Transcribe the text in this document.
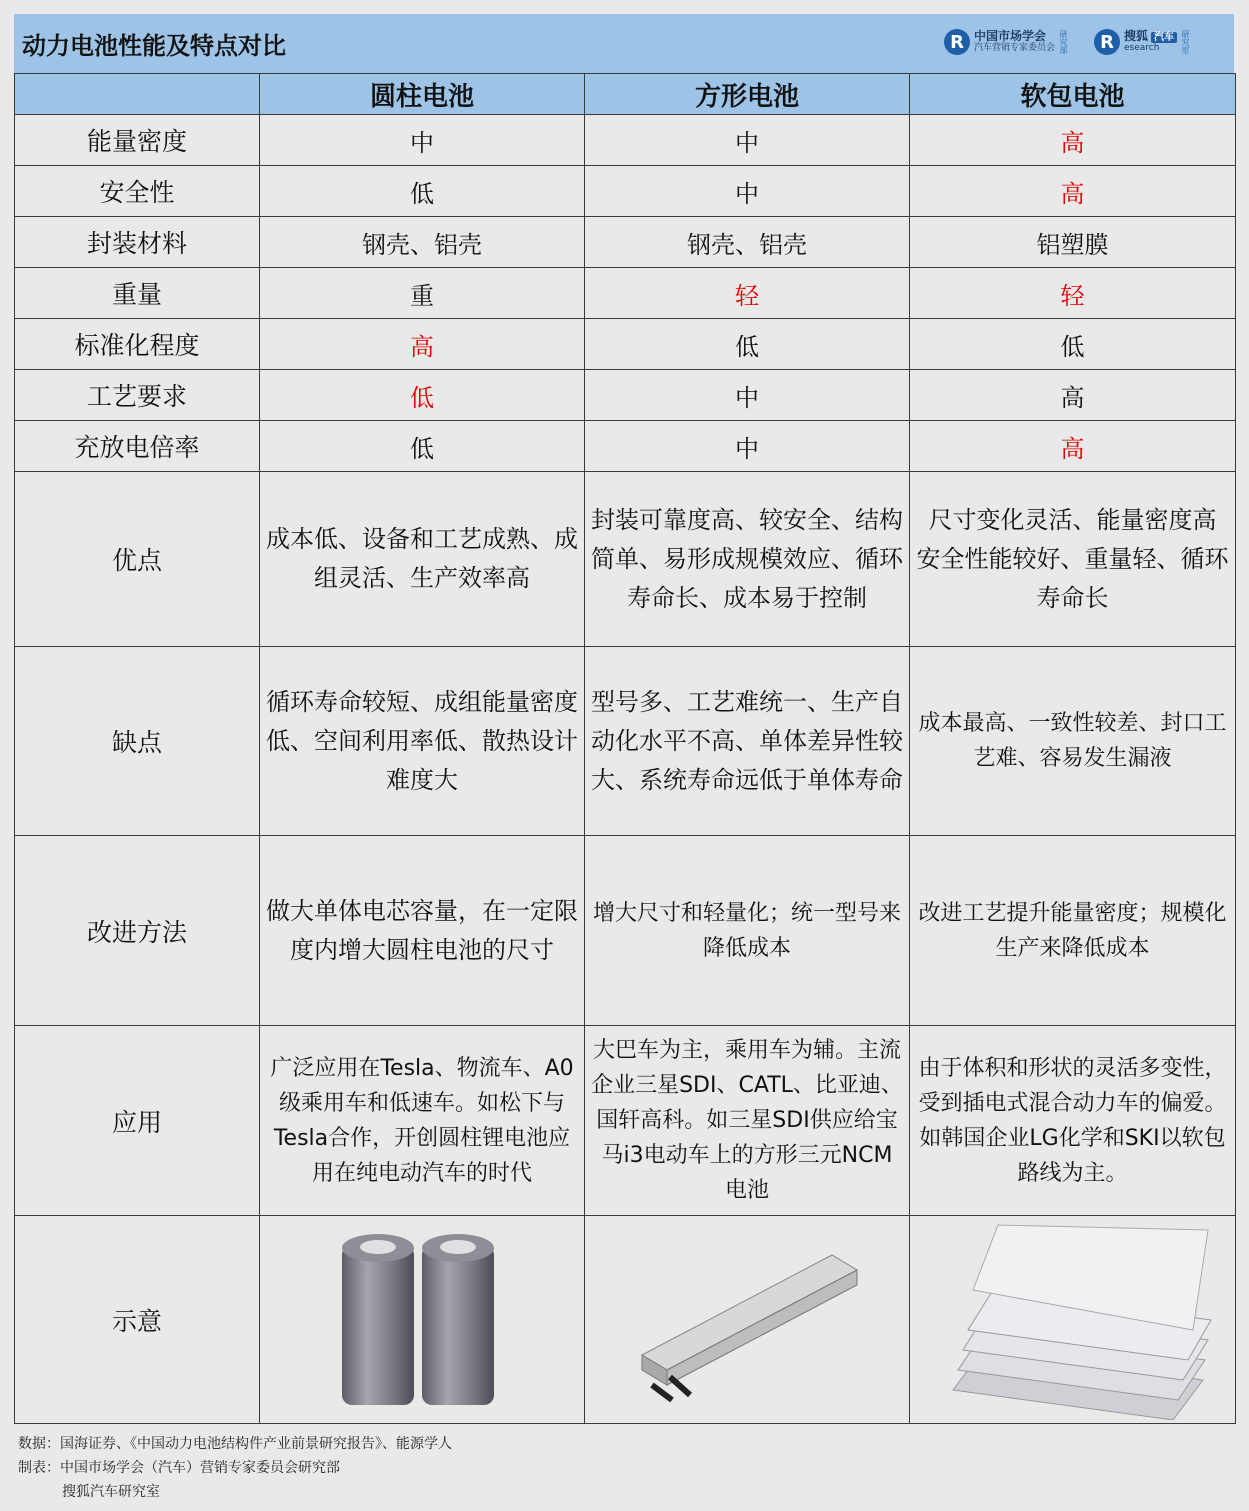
动力电池性能及特点对比	R 中国市场学会
汽车营销专家委员会 研究部	R 搜狐 汽车
esearch	研究室
	圆柱电池	方形电池	软包电池
能量密度	中	中	高
安全性	低	中	高
封装材料	钢壳、铝壳	钢壳、铝壳	铝塑膜
重量	重	轻	轻
标准化程度	高	低	低
工艺要求	低	中	高
充放电倍率	低	中	高
优点	成本低、设备和工艺成熟、成组灵活、生产效率高	封装可靠度高、较安全、结构简单、易形成规模效应、循环寿命长、成本易于控制	尺寸变化灵活、能量密度高 安全性能较好、重量轻、循环寿命长
缺点	循环寿命较短、成组能量密度低、空间利用率低、散热设计难度大	型号多、工艺难统一、生产自动化水平不高、单体差异性较大、系统寿命远低于单体寿命	成本最高、一致性较差、封口工艺难、容易发生漏液
改进方法	做大单体电芯容量，在一定限度内增大圆柱电池的尺寸	增大尺寸和轻量化；统一型号来降低成本	改进工艺提升能量密度；规模化生产来降低成本
应用	广泛应用在Tesla、物流车、A0级乘用车和低速车。如松下与Tesla合作，开创圆柱锂电池应用在纯电动汽车的时代	大巴车为主，乘用车为辅。主流企业三星SDI、CATL、比亚迪、国轩高科。如三星SDI供应给宝马i3电动车上的方形三元NCM电池	由于体积和形状的灵活多变性，受到插电式混合动力车的偏爱。如韩国企业LG化学和SKI以软包路线为主。
示意	

数据：国海证券、《中国动力电池结构件产业前景研究报告》、能源学人
制表：中国市场学会（汽车）营销专家委员会研究部
搜狐汽车研究室
